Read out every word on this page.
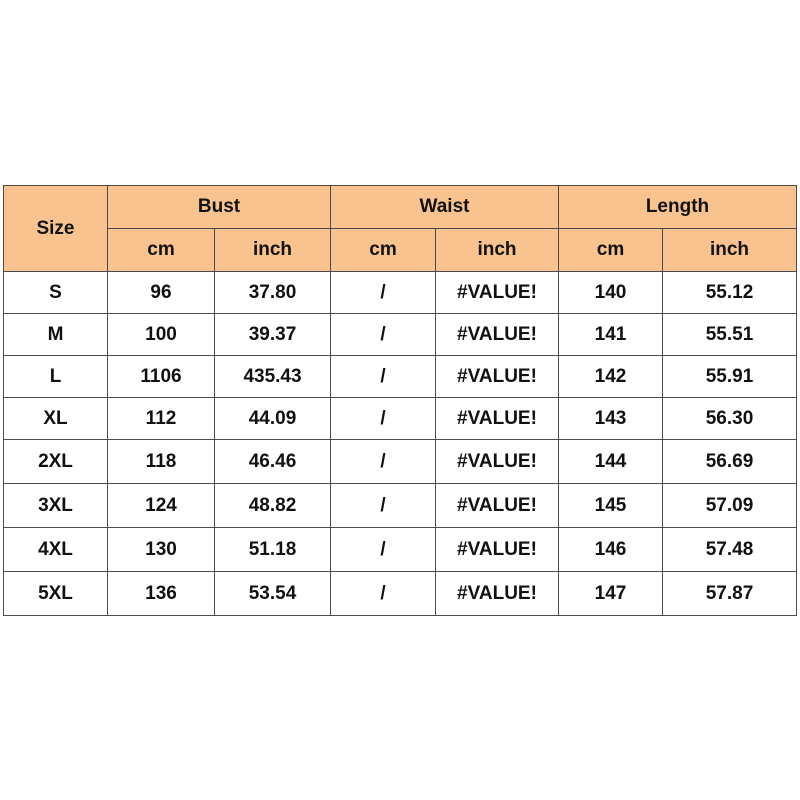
Size	Bust		Waist		Length	
	cm	inch	cm	inch	cm	inch
S	96	37.80	/	#VALUE!	140	55.12
M	100	39.37	/	#VALUE!	141	55.51
L	1106	435.43	/	#VALUE!	142	55.91
XL	112	44.09	/	#VALUE!	143	56.30
2XL	118	46.46	/	#VALUE!	144	56.69
3XL	124	48.82	/	#VALUE!	145	57.09
4XL	130	51.18	/	#VALUE!	146	57.48
5XL	136	53.54	/	#VALUE!	147	57.87
